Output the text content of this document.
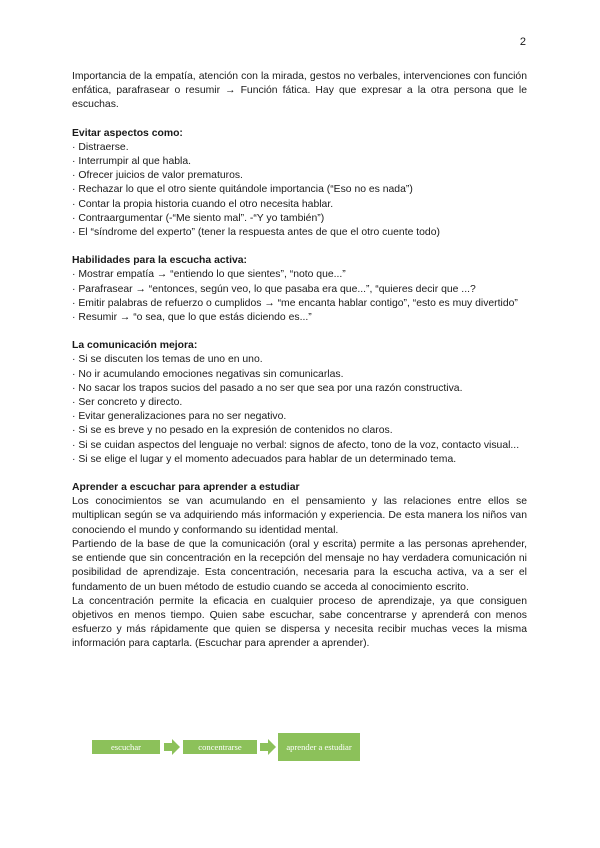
2

Importancia de la empatía, atención con la mirada, gestos no verbales, intervenciones con función enfática, parafrasear o resumir → Función fática. Hay que expresar a la otra persona que le escuchas.

Evitar aspectos como:
· Distraerse.
· Interrumpir al que habla.
· Ofrecer juicios de valor prematuros.
· Rechazar lo que el otro siente quitándole importancia (“Eso no es nada”)
· Contar la propia historia cuando el otro necesita hablar.
· Contraargumentar (-“Me siento mal”. -“Y yo también”)
· El “síndrome del experto” (tener la respuesta antes de que el otro cuente todo)
Habilidades para la escucha activa:
· Mostrar empatía → “entiendo lo que sientes”, “noto que...”
· Parafrasear → “entonces, según veo, lo que pasaba era que...”, “quieres decir que ...?
· Emitir palabras de refuerzo o cumplidos → “me encanta hablar contigo”, “esto es muy divertido”
· Resumir → “o sea, que lo que estás diciendo es...”
La comunicación mejora:
· Si se discuten los temas de uno en uno.
· No ir acumulando emociones negativas sin comunicarlas.
· No sacar los trapos sucios del pasado a no ser que sea por una razón constructiva.
· Ser concreto y directo.
· Evitar generalizaciones para no ser negativo.
· Si se es breve y no pesado en la expresión de contenidos no claros.
· Si se cuidan aspectos del lenguaje no verbal: signos de afecto, tono de la voz, contacto visual...
· Si se elige el lugar y el momento adecuados para hablar de un determinado tema.
Aprender a escuchar para aprender a estudiar

Los conocimientos se van acumulando en el pensamiento y las relaciones entre ellos se multiplican según se va adquiriendo más información y experiencia. De esta manera los niños van conociendo el mundo y conformando su identidad mental.

Partiendo de la base de que la comunicación (oral y escrita) permite a las personas aprehender, se entiende que sin concentración en la recepción del mensaje no hay verdadera comunicación ni posibilidad de aprendizaje. Esta concentración, necesaria para la escucha activa, va a ser el fundamento de un buen método de estudio cuando se acceda al conocimiento escrito.

La concentración permite la eficacia en cualquier proceso de aprendizaje, ya que consiguen objetivos en menos tiempo. Quien sabe escuchar, sabe concentrarse y aprenderá con menos esfuerzo y más rápidamente que quien se dispersa y necesita recibir muchas veces la misma información para captarla. (Escuchar para aprender a aprender).

escuchar	concentrarse	aprender a estudiar
